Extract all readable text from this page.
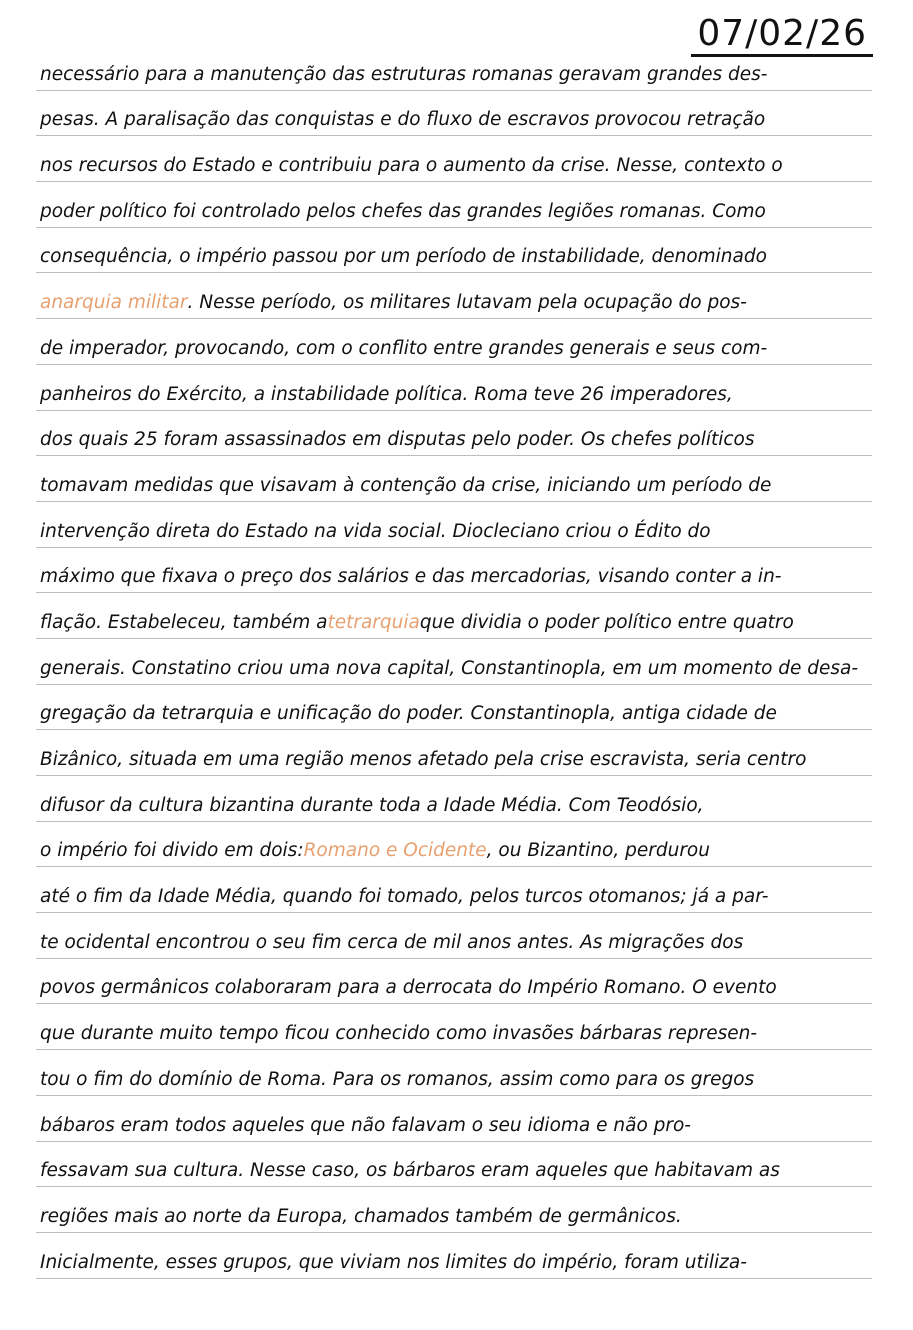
07/02/26
necessário para a manutenção das estruturas romanas geravam grandes des-
pesas. A paralisação das conquistas e do fluxo de escravos provocou retração
nos recursos do Estado e contribuiu para o aumento da crise. Nesse, contexto o
poder político foi controlado pelos chefes das grandes legiões romanas. Como
consequência, o império passou por um período de instabilidade, denominado
anarquia militar . Nesse período, os militares lutavam pela ocupação do pos-
de imperador, provocando, com o conflito entre grandes generais e seus com-
panheiros do Exército, a instabilidade política. Roma teve 26 imperadores,
dos quais 25 foram assassinados em disputas pelo poder. Os chefes políticos
tomavam medidas que visavam à contenção da crise, iniciando um período de
intervenção direta do Estado na vida social. Diocleciano criou o Édito do
máximo que fixava o preço dos salários e das mercadorias, visando conter a in-
flação. Estabeleceu, também a tetrarquia que dividia o poder político entre quatro
generais. Constatino criou uma nova capital, Constantinopla, em um momento de desa-
gregação da tetrarquia e unificação do poder. Constantinopla, antiga cidade de
Bizânico, situada em uma região menos afetado pela crise escravista, seria centro
difusor da cultura bizantina durante toda a Idade Média. Com Teodósio,
o império foi divido em dois: Romano e Ocidente , ou Bizantino, perdurou
até o fim da Idade Média, quando foi tomado, pelos turcos otomanos; já a par-
te ocidental encontrou o seu fim cerca de mil anos antes. As migrações dos
povos germânicos colaboraram para a derrocata do Império Romano. O evento
que durante muito tempo ficou conhecido como invasões bárbaras represen-
tou o fim do domínio de Roma. Para os romanos, assim como para os gregos
bábaros eram todos aqueles que não falavam o seu idioma e não pro-
fessavam sua cultura. Nesse caso, os bárbaros eram aqueles que habitavam as
regiões mais ao norte da Europa, chamados também de germânicos.
Inicialmente, esses grupos, que viviam nos limites do império, foram utiliza-
